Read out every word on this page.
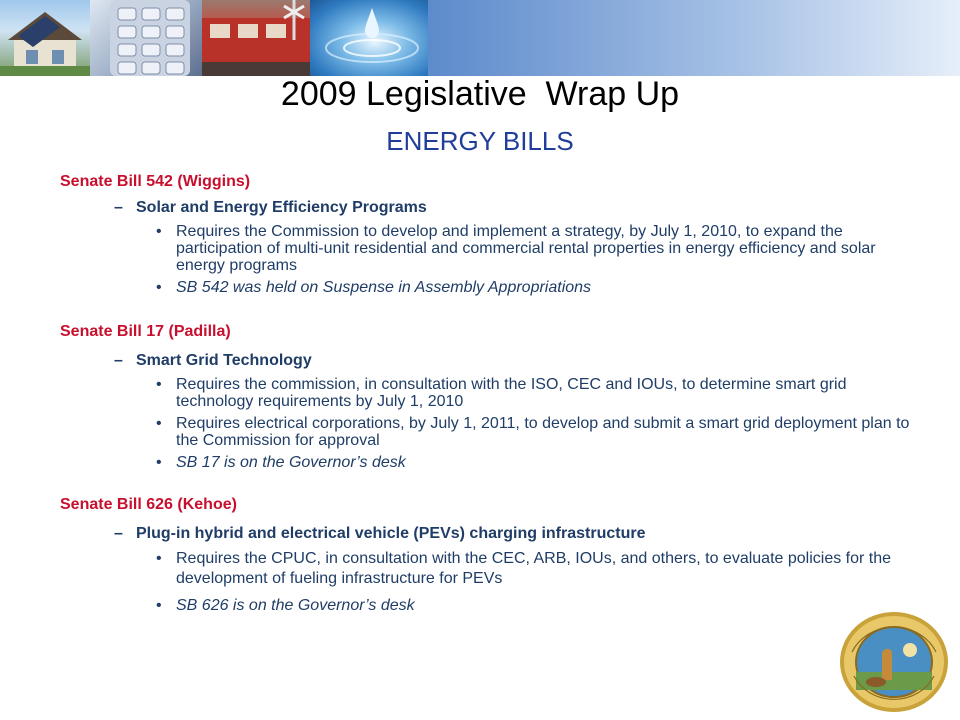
2009 Legislative  Wrap Up
ENERGY BILLS
Senate Bill 542 (Wiggins)
– Solar and Energy Efficiency Programs
• Requires the Commission to develop and implement a strategy, by July 1, 2010, to expand the participation of multi-unit residential and commercial rental properties in energy efficiency and solar energy programs
• SB 542 was held on Suspense in Assembly Appropriations
Senate Bill 17 (Padilla)
– Smart Grid Technology
• Requires the commission, in consultation with the ISO, CEC and IOUs, to determine smart grid technology requirements by July 1, 2010
• Requires electrical corporations, by July 1, 2011, to develop and submit a smart grid deployment plan to the Commission for approval
• SB 17 is on the Governor’s desk
Senate Bill 626 (Kehoe)
– Plug-in hybrid and electrical vehicle (PEVs) charging infrastructure
• Requires the CPUC, in consultation with the CEC, ARB, IOUs, and others, to evaluate policies for the development of fueling infrastructure for PEVs
• SB 626 is on the Governor’s desk
